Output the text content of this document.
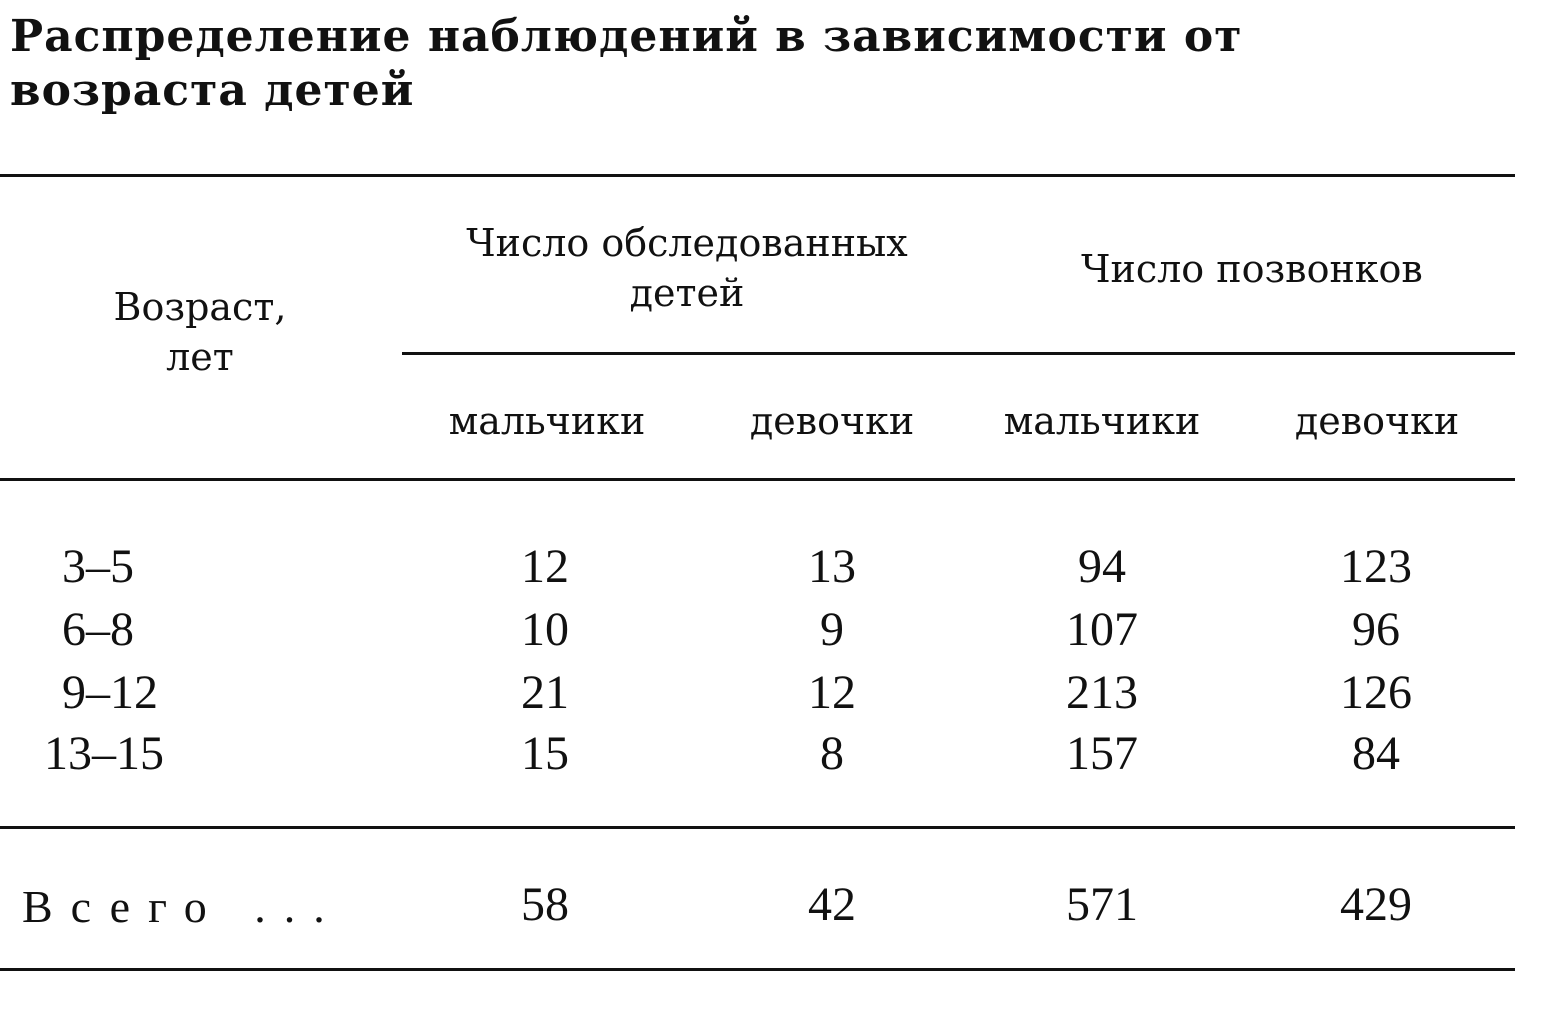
Распределение наблюдений в зависимости от
возраста детей
Возраст,
лет
Число обследованных
детей
Число позвонков
мальчики	девочки	мальчики	девочки
3–5	12	13	94	123
6–8	10	9	107	96
9–12	21	12	213	126
13–15	15	8	157	84
Всего ...	58	42	571	429
